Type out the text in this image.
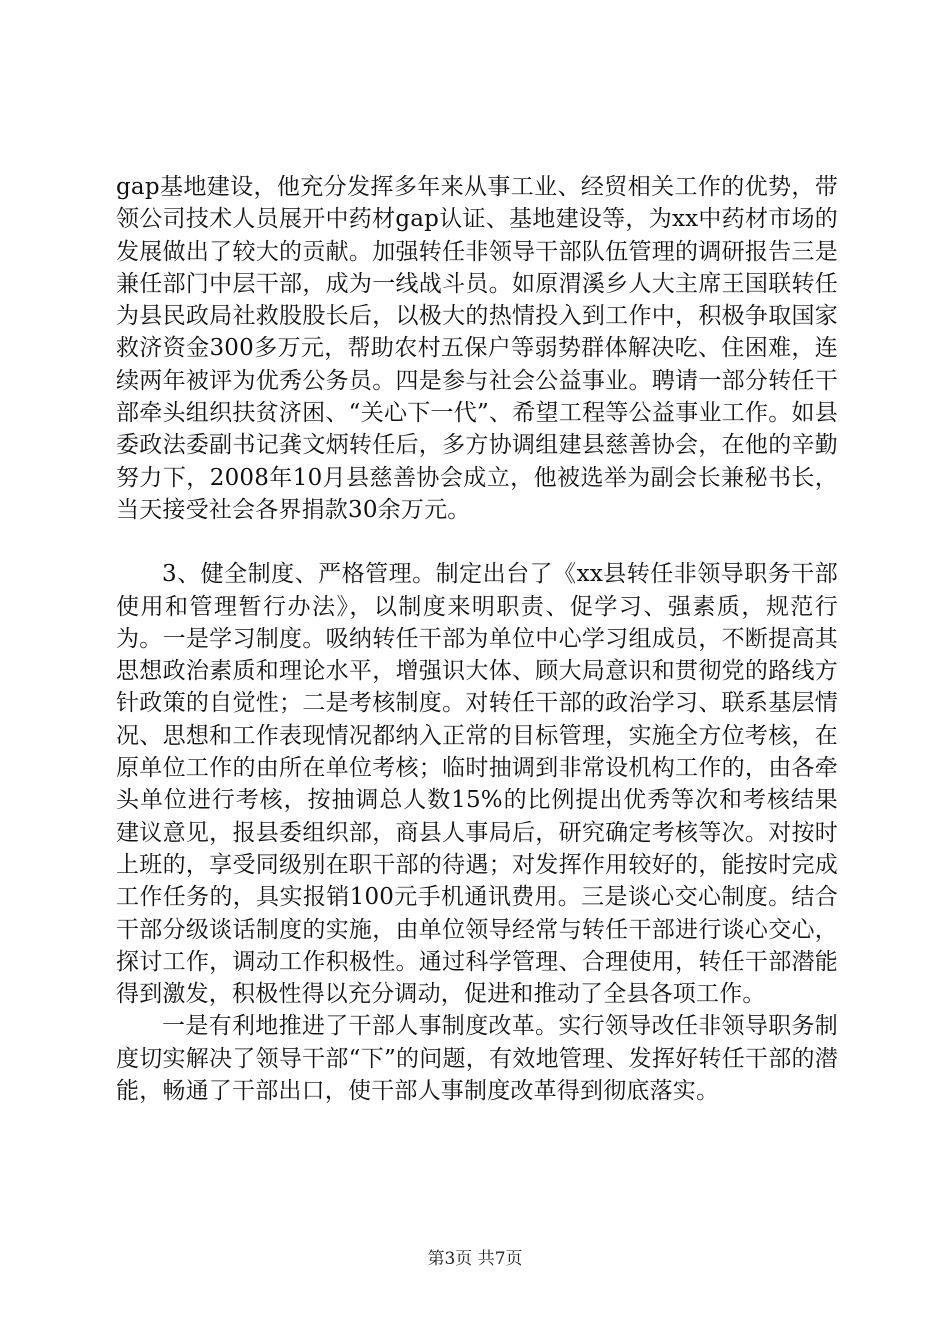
gap基地建设，他充分发挥多年来从事工业、经贸相关工作的优势，带领公司技术人员展开中药材gap认证、基地建设等，为xx中药材市场的发展做出了较大的贡献。加强转任非领导干部队伍管理的调研报告三是兼任部门中层干部，成为一线战斗员。如原渭溪乡人大主席王国联转任为县民政局社救股股长后，以极大的热情投入到工作中，积极争取国家救济资金300多万元，帮助农村五保户等弱势群体解决吃、住困难，连续两年被评为优秀公务员。四是参与社会公益事业。聘请一部分转任干部牵头组织扶贫济困、“关心下一代”、希望工程等公益事业工作。如县委政法委副书记龚文炳转任后，多方协调组建县慈善协会，在他的辛勤努力下，2008年10月县慈善协会成立，他被选举为副会长兼秘书长，当天接受社会各界捐款30余万元。

3、健全制度、严格管理。制定出台了《xx县转任非领导职务干部使用和管理暂行办法》，以制度来明职责、促学习、强素质，规范行为。一是学习制度。吸纳转任干部为单位中心学习组成员，不断提高其思想政治素质和理论水平，增强识大体、顾大局意识和贯彻党的路线方针政策的自觉性；二是考核制度。对转任干部的政治学习、联系基层情况、思想和工作表现情况都纳入正常的目标管理，实施全方位考核，在原单位工作的由所在单位考核；临时抽调到非常设机构工作的，由各牵头单位进行考核，按抽调总人数15%的比例提出优秀等次和考核结果建议意见，报县委组织部，商县人事局后，研究确定考核等次。对按时上班的，享受同级别在职干部的待遇；对发挥作用较好的，能按时完成工作任务的，具实报销100元手机通讯费用。三是谈心交心制度。结合干部分级谈话制度的实施，由单位领导经常与转任干部进行谈心交心，探讨工作，调动工作积极性。通过科学管理、合理使用，转任干部潜能得到激发，积极性得以充分调动，促进和推动了全县各项工作。

一是有利地推进了干部人事制度改革。实行领导改任非领导职务制度切实解决了领导干部“下”的问题，有效地管理、发挥好转任干部的潜能，畅通了干部出口，使干部人事制度改革得到彻底落实。

第3页 共7页
